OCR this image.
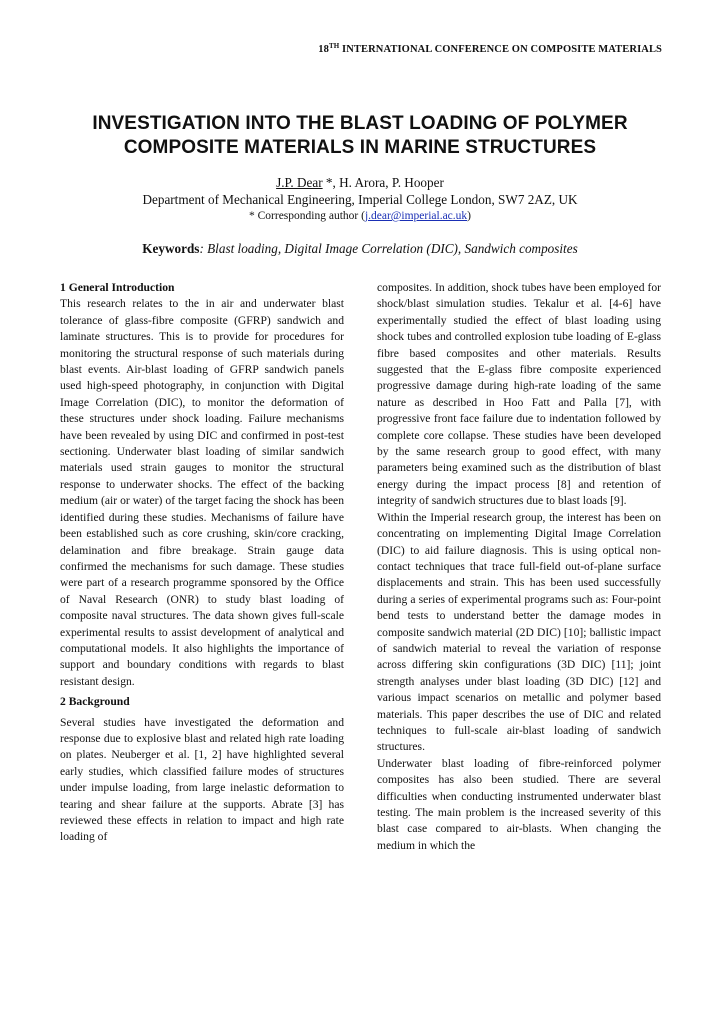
18TH INTERNATIONAL CONFERENCE ON COMPOSITE MATERIALS
INVESTIGATION INTO THE BLAST LOADING OF POLYMER
COMPOSITE MATERIALS IN MARINE STRUCTURES
J.P. Dear *, H. Arora, P. Hooper
Department of Mechanical Engineering, Imperial College London, SW7 2AZ, UK
* Corresponding author (j.dear@imperial.ac.uk)
Keywords: Blast loading, Digital Image Correlation (DIC), Sandwich composites
1 General Introduction

This research relates to the in air and underwater blast tolerance of glass-fibre composite (GFRP) sandwich and laminate structures. This is to provide for procedures for monitoring the structural response of such materials during blast events. Air-blast loading of GFRP sandwich panels used high-speed photography, in conjunction with Digital Image Correlation (DIC), to monitor the deformation of these structures under shock loading. Failure mechanisms have been revealed by using DIC and confirmed in post-test sectioning. Underwater blast loading of similar sandwich materials used strain gauges to monitor the structural response to underwater shocks. The effect of the backing medium (air or water) of the target facing the shock has been identified during these studies. Mechanisms of failure have been established such as core crushing, skin/core cracking, delamination and fibre breakage. Strain gauge data confirmed the mechanisms for such damage. These studies were part of a research programme sponsored by the Office of Naval Research (ONR) to study blast loading of composite naval structures. The data shown gives full-scale experimental results to assist development of analytical and computational models. It also highlights the importance of support and boundary conditions with regards to blast resistant design.

2 Background

Several studies have investigated the deformation and response due to explosive blast and related high rate loading on plates. Neuberger et al. [1, 2] have highlighted several early studies, which classified failure modes of structures under impulse loading, from large inelastic deformation to tearing and shear failure at the supports. Abrate [3] has reviewed these effects in relation to impact and high rate loading of

composites. In addition, shock tubes have been employed for shock/blast simulation studies. Tekalur et al. [4-6] have experimentally studied the effect of blast loading using shock tubes and controlled explosion tube loading of E-glass fibre based composites and other materials. Results suggested that the E-glass fibre composite experienced progressive damage during high-rate loading of the same nature as described in Hoo Fatt and Palla [7], with progressive front face failure due to indentation followed by complete core collapse. These studies have been developed by the same research group to good effect, with many parameters being examined such as the distribution of blast energy during the impact process [8] and retention of integrity of sandwich structures due to blast loads [9].

Within the Imperial research group, the interest has been on concentrating on implementing Digital Image Correlation (DIC) to aid failure diagnosis. This is using optical non-contact techniques that trace full-field out-of-plane surface displacements and strain. This has been used successfully during a series of experimental programs such as: Four-point bend tests to understand better the damage modes in composite sandwich material (2D DIC) [10]; ballistic impact of sandwich material to reveal the variation of response across differing skin configurations (3D DIC) [11]; joint strength analyses under blast loading (3D DIC) [12] and various impact scenarios on metallic and polymer based materials. This paper describes the use of DIC and related techniques to full-scale air-blast loading of sandwich structures.

Underwater blast loading of fibre-reinforced polymer composites has also been studied. There are several difficulties when conducting instrumented underwater blast testing. The main problem is the increased severity of this blast case compared to air-blasts. When changing the medium in which the
